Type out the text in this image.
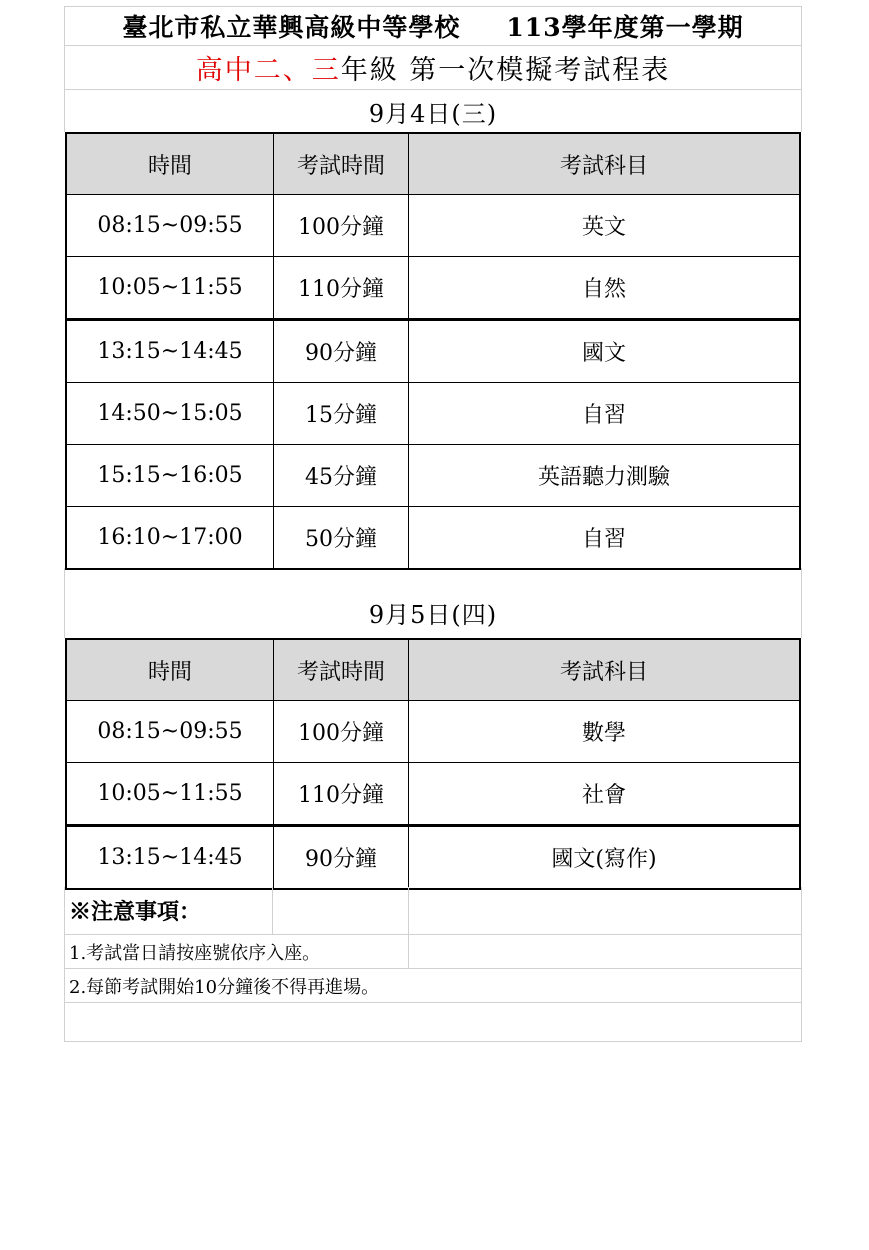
臺北市私立華興高級中等學校 113學年度第一學期
高中二、三 年級 第一次模擬考試程表
9月4日(三)
時間	考試時間	考試科目
08:15~09:55	100分鐘	英文
10:05~11:55	110分鐘	自然
13:15~14:45	90分鐘	國文
14:50~15:05	15分鐘	自習
15:15~16:05	45分鐘	英語聽力測驗
16:10~17:00	50分鐘	自習
9月5日(四)
時間	考試時間	考試科目
08:15~09:55	100分鐘	數學
10:05~11:55	110分鐘	社會
13:15~14:45	90分鐘	國文(寫作)
※注意事項：
1.考試當日請按座號依序入座。
2.每節考試開始10分鐘後不得再進場。
